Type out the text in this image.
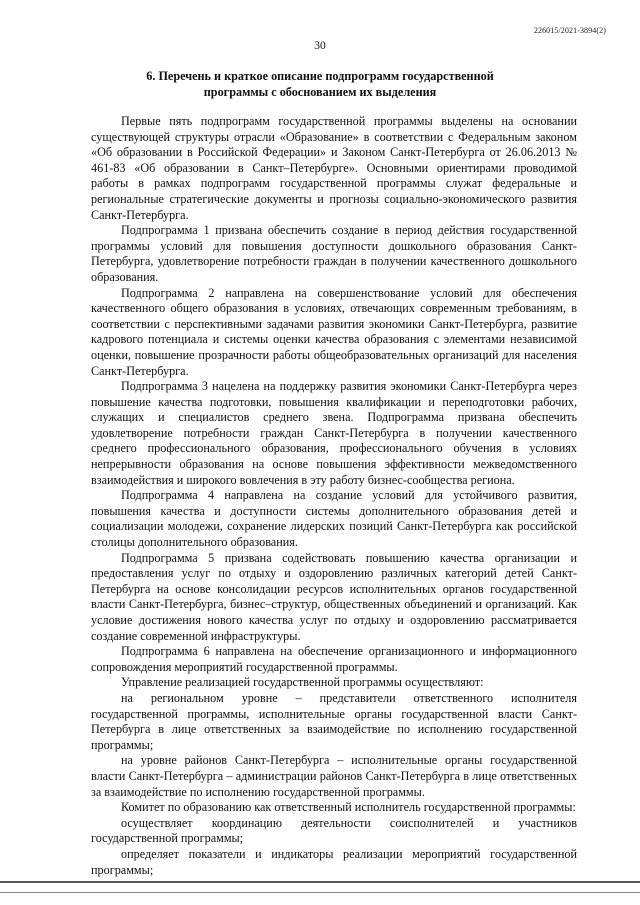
226015/2021-3894(2)
30
6. Перечень и краткое описание подпрограмм государственной
программы с обоснованием их выделения

Первые пять подпрограмм государственной программы выделены на основании существующей структуры отрасли «Образование» в соответствии с Федеральным законом «Об образовании в Российской Федерации» и Законом Санкт-Петербурга от 26.06.2013 № 461-83 «Об образовании в Санкт–Петербурге». Основными ориентирами проводимой работы в рамках подпрограмм государственной программы служат федеральные и региональные стратегические документы и прогнозы социально-экономического развития Санкт-Петербурга.

Подпрограмма 1 призвана обеспечить создание в период действия государственной программы условий для повышения доступности дошкольного образования Санкт-Петербурга, удовлетворение потребности граждан в получении качественного дошкольного образования.

Подпрограмма 2 направлена на совершенствование условий для обеспечения качественного общего образования в условиях, отвечающих современным требованиям, в соответствии с перспективными задачами развития экономики Санкт-Петербурга, развитие кадрового потенциала и системы оценки качества образования с элементами независимой оценки, повышение прозрачности работы общеобразовательных организаций для населения Санкт-Петербурга.

Подпрограмма 3 нацелена на поддержку развития экономики Санкт-Петербурга через повышение качества подготовки, повышения квалификации и переподготовки рабочих, служащих и специалистов среднего звена. Подпрограмма призвана обеспечить удовлетворение потребности граждан Санкт-Петербурга в получении качественного среднего профессионального образования, профессионального обучения в условиях непрерывности образования на основе повышения эффективности межведомственного взаимодействия и широкого вовлечения в эту работу бизнес-сообщества региона.

Подпрограмма 4 направлена на создание условий для устойчивого развития, повышения качества и доступности системы дополнительного образования детей и социализации молодежи, сохранение лидерских позиций Санкт-Петербурга как российской столицы дополнительного образования.

Подпрограмма 5 призвана содействовать повышению качества организации и предоставления услуг по отдыху и оздоровлению различных категорий детей Санкт-Петербурга на основе консолидации ресурсов исполнительных органов государственной власти Санкт-Петербурга, бизнес–структур, общественных объединений и организаций. Как условие достижения нового качества услуг по отдыху и оздоровлению рассматривается создание современной инфраструктуры.

Подпрограмма 6 направлена на обеспечение организационного и информационного сопровождения мероприятий государственной программы.

Управление реализацией государственной программы осуществляют:

на региональном уровне – представители ответственного исполнителя государственной программы, исполнительные органы государственной власти Санкт-Петербурга в лице ответственных за взаимодействие по исполнению государственной программы;

на уровне районов Санкт-Петербурга – исполнительные органы государственной власти Санкт-Петербурга – администрации районов Санкт-Петербурга в лице ответственных за взаимодействие по исполнению государственной программы.

Комитет по образованию как ответственный исполнитель государственной программы:

осуществляет координацию деятельности соисполнителей и участников государственной программы;

определяет показатели и индикаторы реализации мероприятий государственной программы;
